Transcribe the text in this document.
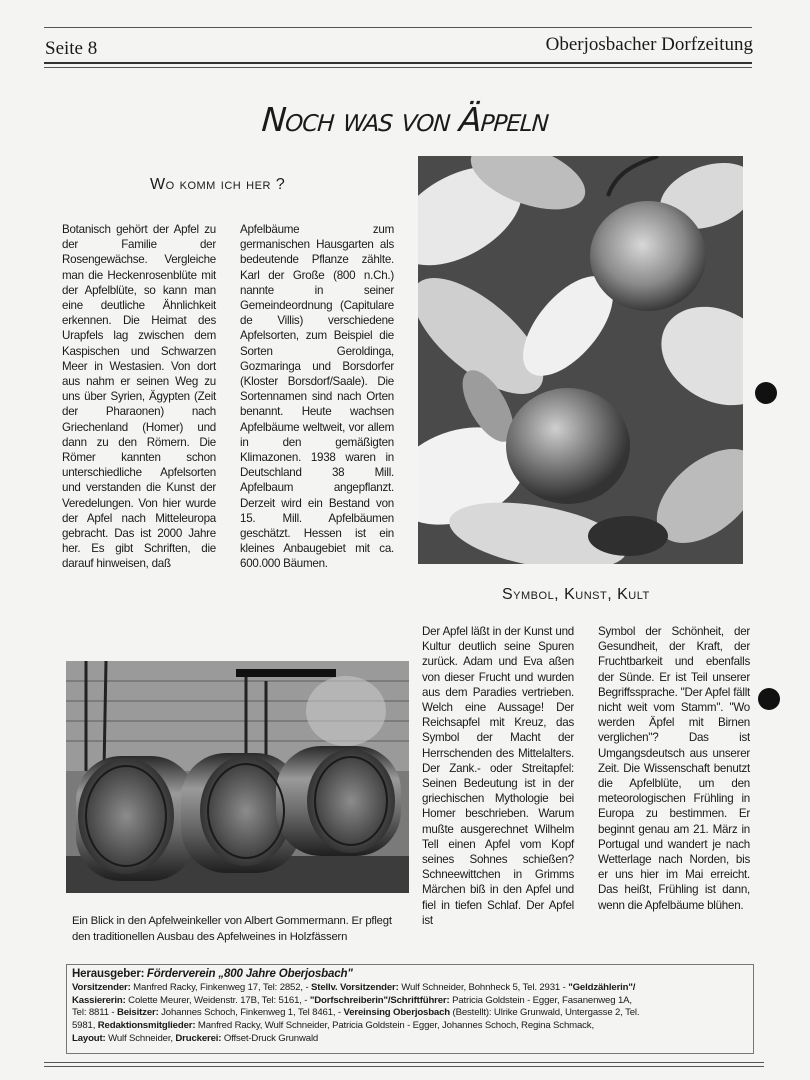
Seite 8	Oberjosbacher Dorfzeitung
Noch was von Äppeln
Wo komm ich her ?
Botanisch gehört der Apfel zu der Familie der Rosengewächse. Vergleiche man die Heckenrosenblüte mit der Apfelblüte, so kann man eine deutliche Ähnlichkeit erkennen. Die Heimat des Urapfels lag zwischen dem Kaspischen und Schwarzen Meer in Westasien. Von dort aus nahm er seinen Weg zu uns über Syrien, Ägypten (Zeit der Pharaonen) nach Griechenland (Homer) und dann zu den Römern. Die Römer kannten schon unterschiedliche Apfelsorten und verstanden die Kunst der Veredelungen. Von hier wurde der Apfel nach Mitteleuropa gebracht. Das ist 2000 Jahre her. Es gibt Schriften, die darauf hinweisen, daß
Apfelbäume zum germanischen Hausgarten als bedeutende Pflanze zählte. Karl der Große (800 n.Ch.) nannte in seiner Gemeindeordnung (Capitulare de Villis) verschiedene Apfelsorten, zum Beispiel die Sorten Geroldinga, Gozmaringa und Borsdorfer (Kloster Borsdorf/Saale). Die Sortennamen sind nach Orten benannt. Heute wachsen Apfelbäume weltweit, vor allem in den gemäßigten Klimazonen. 1938 waren in Deutschland 38 Mill. Apfelbaum angepflanzt. Derzeit wird ein Bestand von 15. Mill. Apfelbäumen geschätzt. Hessen ist ein kleines Anbaugebiet mit ca. 600.000 Bäumen.
Symbol, Kunst, Kult
Der Apfel läßt in der Kunst und Kultur deutlich seine Spuren zurück. Adam und Eva aßen von dieser Frucht und wurden aus dem Paradies vertrieben. Welch eine Aussage! Der Reichsapfel mit Kreuz, das Symbol der Macht der Herrschenden des Mittelalters. Der Zank.- oder Streitapfel: Seinen Bedeutung ist in der griechischen Mythologie bei Homer beschrieben. Warum mußte ausgerechnet Wilhelm Tell einen Apfel vom Kopf seines Sohnes schießen? Schneewittchen in Grimms Märchen biß in den Apfel und fiel in tiefen Schlaf. Der Apfel ist
Symbol der Schönheit, der Gesundheit, der Kraft, der Fruchtbarkeit und ebenfalls der Sünde. Er ist Teil unserer Begriffssprache. "Der Apfel fällt nicht weit vom Stamm". "Wo werden Äpfel mit Birnen verglichen"? Das ist Umgangsdeutsch aus unserer Zeit. Die Wissenschaft benutzt die Apfelblüte, um den meteorologischen Frühling in Europa zu bestimmen. Er beginnt genau am 21. März in Portugal und wandert je nach Wetterlage nach Norden, bis er uns hier im Mai erreicht. Das heißt, Frühling ist dann, wenn die Apfelbäume blühen.
Ein Blick in den Apfelweinkeller von Albert Gommermann. Er pflegt den traditionellen Ausbau des Apfelweines in Holzfässern
Herausgeber: Förderverein „800 Jahre Oberjosbach"
Vorsitzender: Manfred Racky, Finkenweg 17, Tel: 2852, - Stellv. Vorsitzender: Wulf Schneider, Bohnheck 5, Tel. 2931 - "Geldzählerin"/
Kassiererin: Colette Meurer, Weidenstr. 17B, Tel: 5161, - "Dorfschreiberin"/Schriftführer: Patricia Goldstein - Egger, Fasanenweg 1A,
Tel: 8811 - Beisitzer: Johannes Schoch, Finkenweg 1, Tel 8461, - Vereinsing Oberjosbach (Bestellt): Ulrike Grunwald, Untergasse 2, Tel.
5981, Redaktionsmitglieder: Manfred Racky, Wulf Schneider, Patricia Goldstein - Egger, Johannes Schoch, Regina Schmack,
Layout: Wulf Schneider, Druckerei: Offset-Druck Grunwald
